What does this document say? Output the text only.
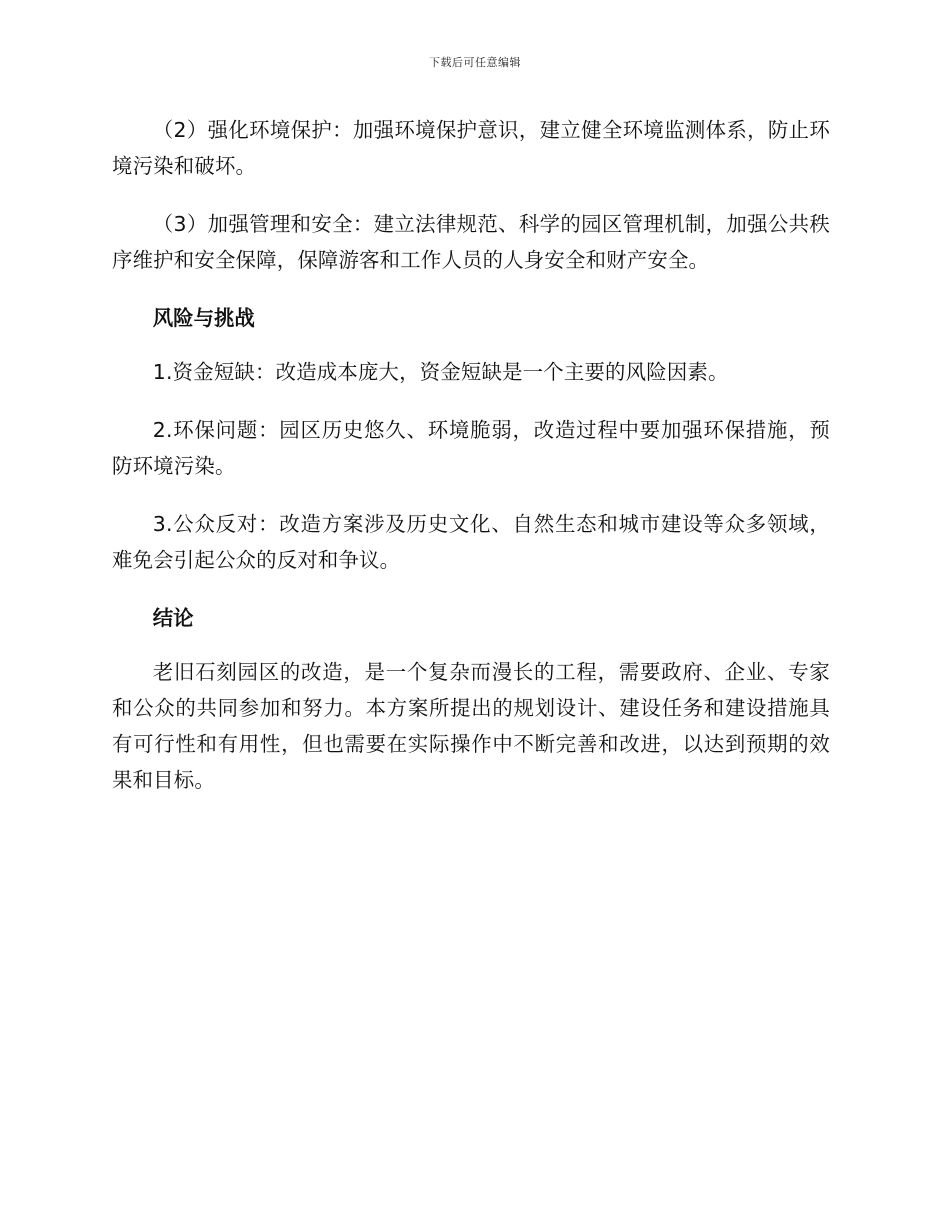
下载后可任意编辑

（2）强化环境保护：加强环境保护意识，建立健全环境监测体系，防止环境污染和破坏。

（3）加强管理和安全：建立法律规范、科学的园区管理机制，加强公共秩序维护和安全保障，保障游客和工作人员的人身安全和财产安全。

风险与挑战

1.资金短缺：改造成本庞大，资金短缺是一个主要的风险因素。

2.环保问题：园区历史悠久、环境脆弱，改造过程中要加强环保措施，预防环境污染。

3.公众反对：改造方案涉及历史文化、自然生态和城市建设等众多领域，难免会引起公众的反对和争议。

结论

老旧石刻园区的改造，是一个复杂而漫长的工程，需要政府、企业、专家和公众的共同参加和努力。本方案所提出的规划设计、建设任务和建设措施具有可行性和有用性，但也需要在实际操作中不断完善和改进，以达到预期的效果和目标。
